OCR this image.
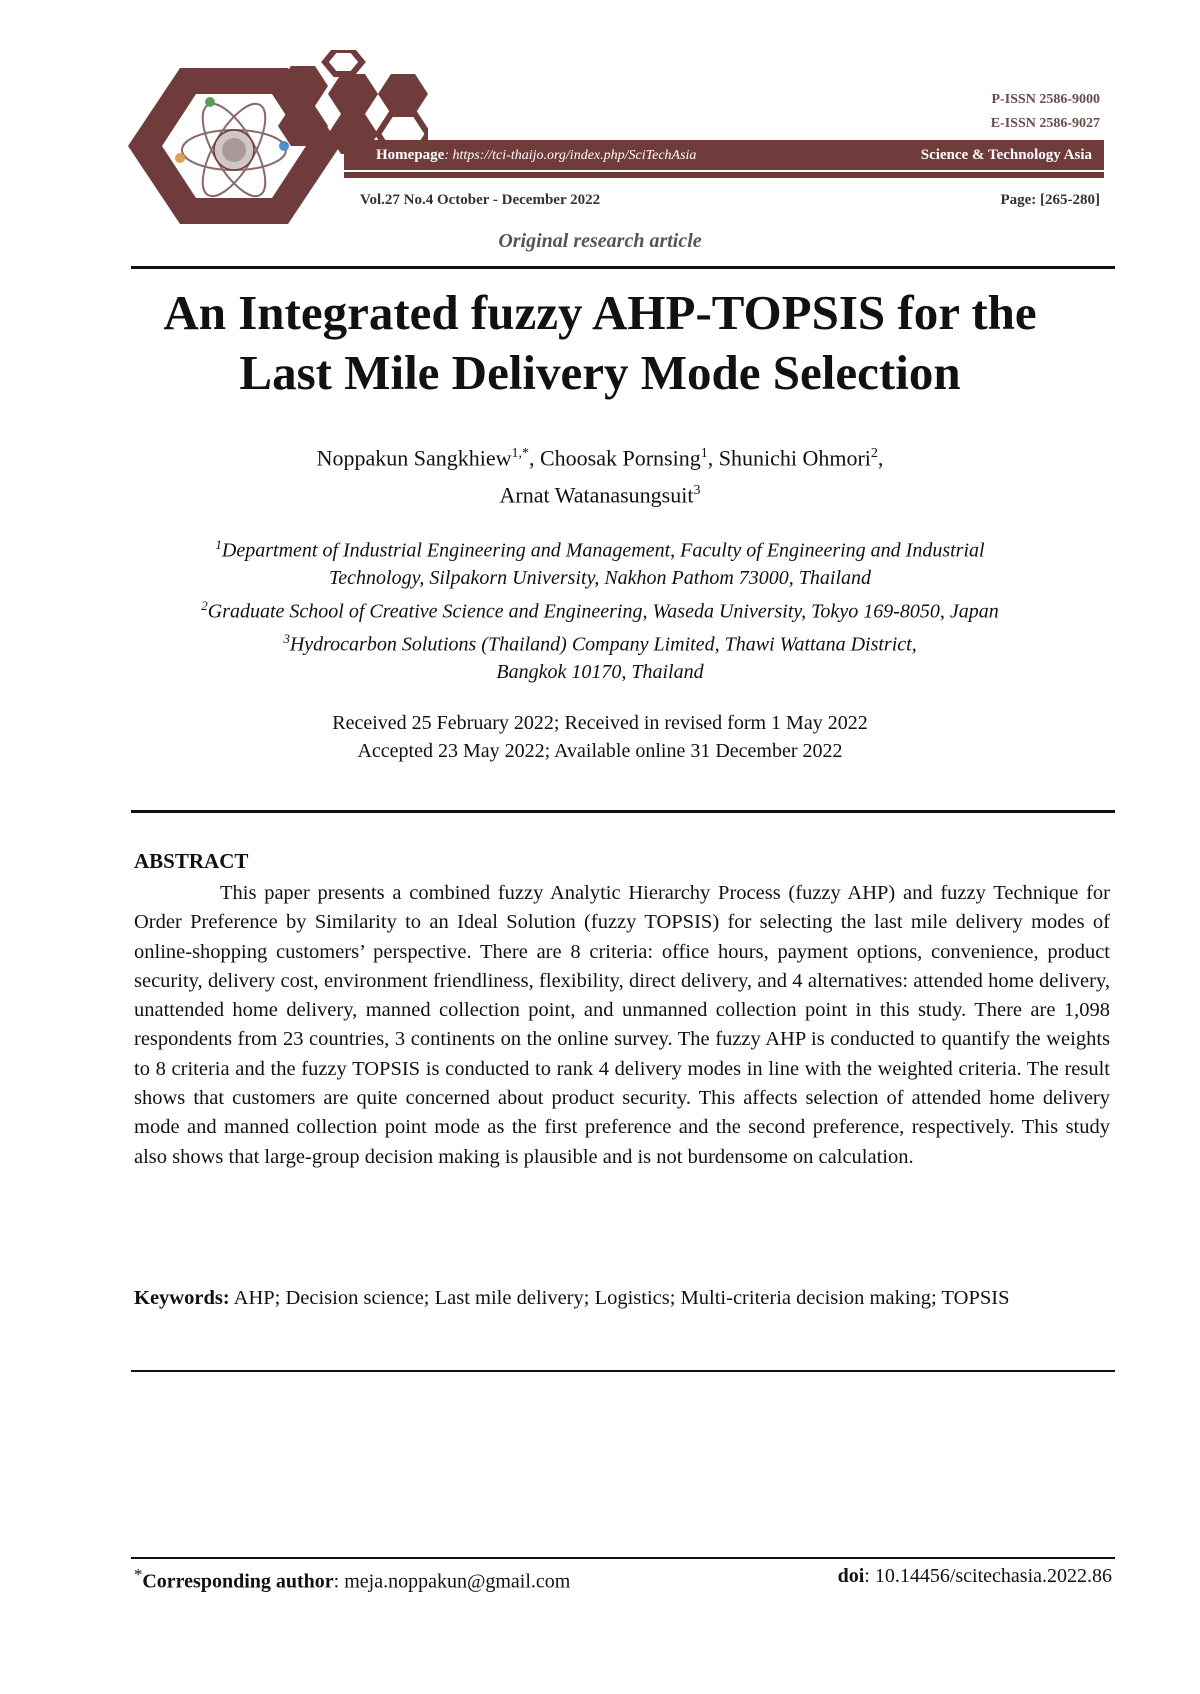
P-ISSN 2586-9000
E-ISSN 2586-9027
Homepage: https://tci-thaijo.org/index.php/SciTechAsia	Science & Technology Asia
Vol.27 No.4 October - December 2022	Page: [265-280]
Original research article
An Integrated fuzzy AHP-TOPSIS for the
Last Mile Delivery Mode Selection
Noppakun Sangkhiew$^{1,*}$, Choosak Pornsing$^1$, Shunichi Ohmori$^2$,
Arnat Watanasungsuit$^3$
$^1$Department of Industrial Engineering and Management, Faculty of Engineering and Industrial
Technology, Silpakorn University, Nakhon Pathom 73000, Thailand
$^2$Graduate School of Creative Science and Engineering, Waseda University, Tokyo 169-8050, Japan
$^3$Hydrocarbon Solutions (Thailand) Company Limited, Thawi Wattana District,
Bangkok 10170, Thailand
Received 25 February 2022; Received in revised form 1 May 2022
Accepted 23 May 2022; Available online 31 December 2022
ABSTRACT
This paper presents a combined fuzzy Analytic Hierarchy Process (fuzzy AHP) and fuzzy Technique for Order Preference by Similarity to an Ideal Solution (fuzzy TOPSIS) for selecting the last mile delivery modes of online-shopping customers’ perspective. There are 8 criteria: office hours, payment options, convenience, product security, delivery cost, environment friendliness, flexibility, direct delivery, and 4 alternatives: attended home delivery, unattended home delivery, manned collection point, and unmanned collection point in this study. There are 1,098 respondents from 23 countries, 3 continents on the online survey. The fuzzy AHP is conducted to quantify the weights to 8 criteria and the fuzzy TOPSIS is conducted to rank 4 delivery modes in line with the weighted criteria. The result shows that customers are quite concerned about product security. This affects selection of attended home delivery mode and manned collection point mode as the first preference and the second preference, respectively. This study also shows that large-group decision making is plausible and is not burdensome on calculation.
Keywords: AHP; Decision science; Last mile delivery; Logistics; Multi-criteria decision making; TOPSIS
*Corresponding author: meja.noppakun@gmail.com	doi: 10.14456/scitechasia.2022.86
